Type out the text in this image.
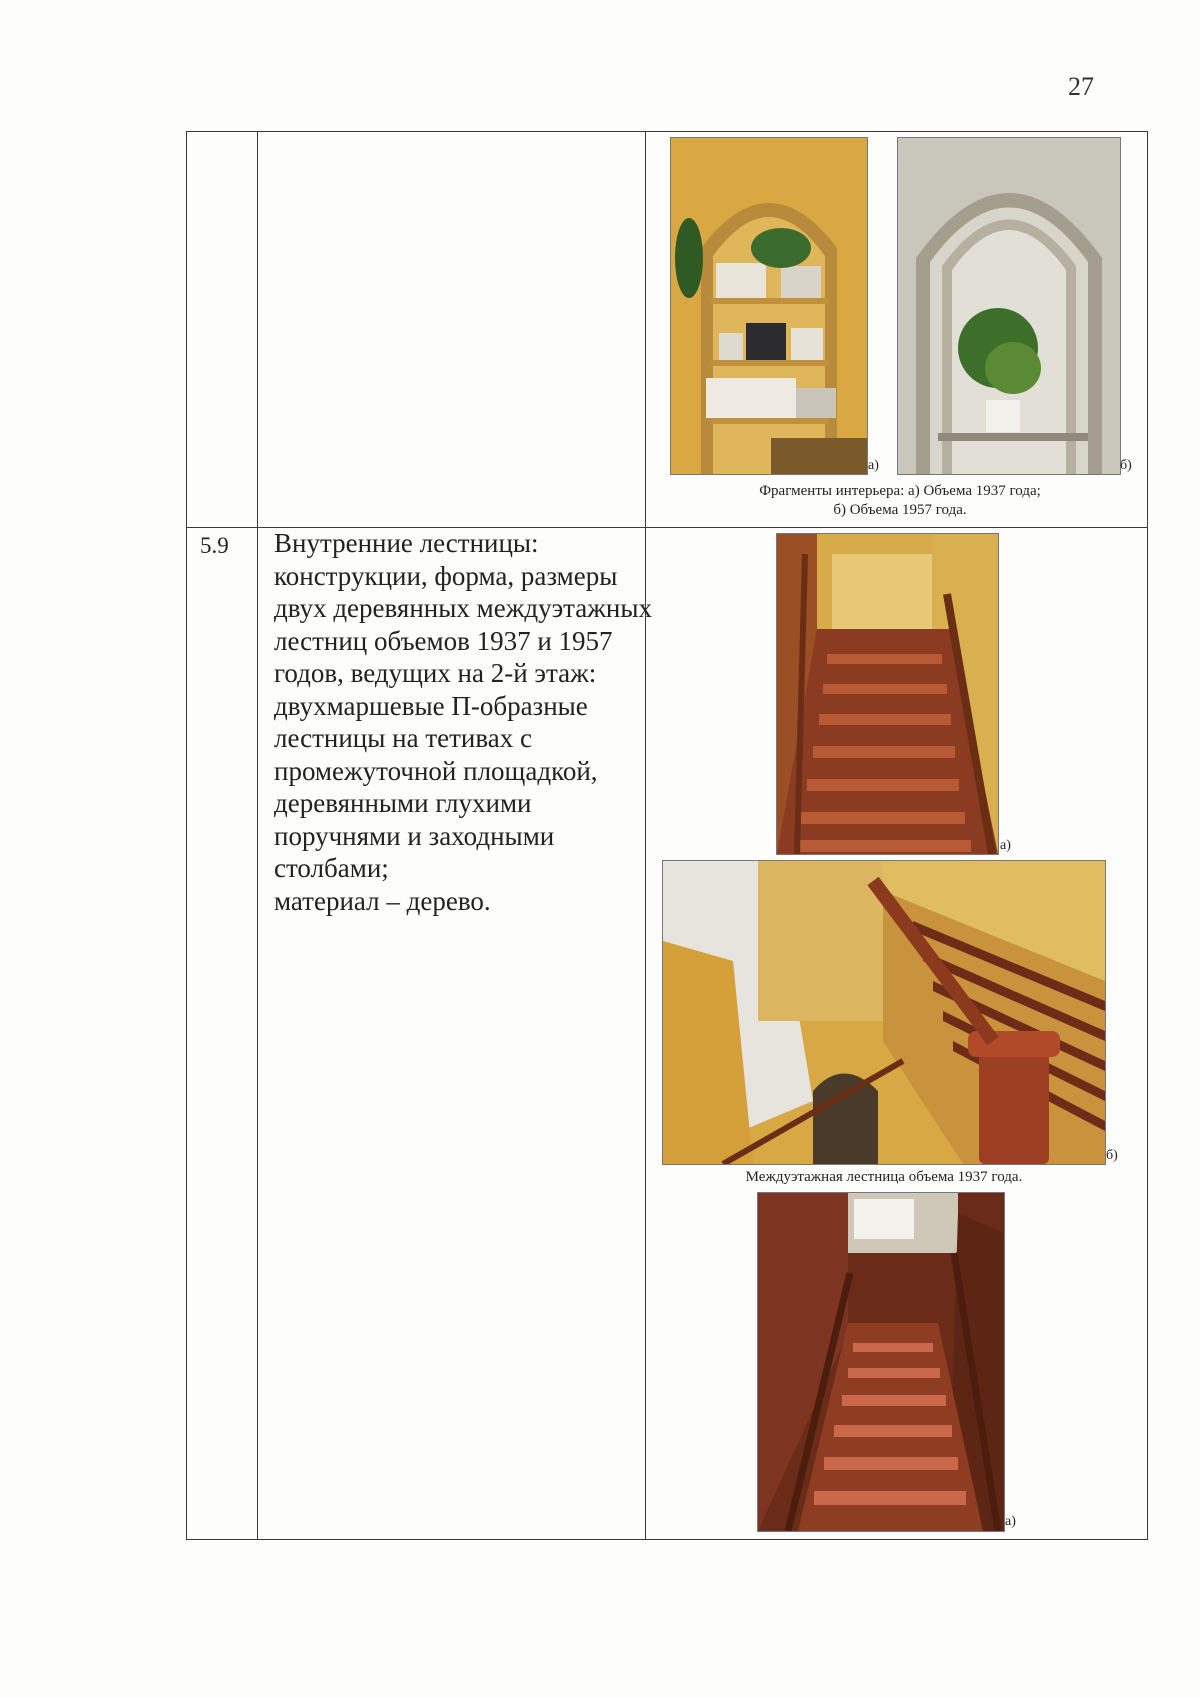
27
а)	б)
Фрагменты интерьера: а) Объема 1937 года;
б) Объема 1957 года.
5.9 Внутренние лестницы:

конструкции, форма, размеры двух деревянных междуэтажных лестниц объемов 1937 и 1957 годов, ведущих на 2-й этаж: двухмаршевые П-образные лестницы на тетивах с промежуточной площадкой, деревянными глухими поручнями и заходными столбами;

материал – дерево.

а)
б)
Междуэтажная лестница объема 1937 года.
а)
